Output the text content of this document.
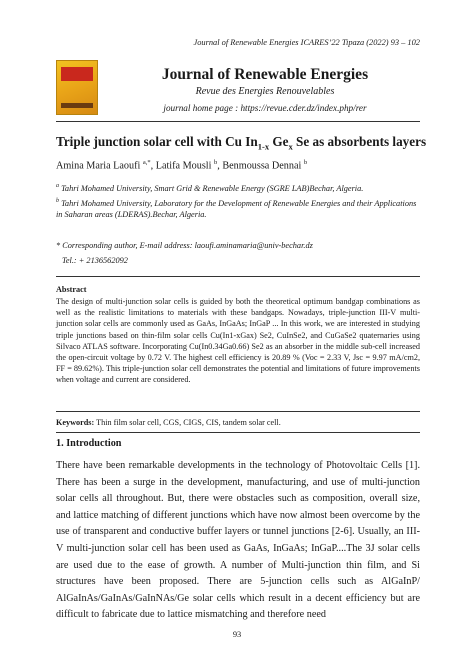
Journal of Renewable Energies ICARES’22 Tipaza (2022) 93 – 102
Journal of Renewable Energies
Revue des Energies Renouvelables
journal home page : https://revue.cder.dz/index.php/rer
Triple junction solar cell with Cu $In_{1-x}$ $Ge_x$ Se as absorbents layers
Amina Maria Laoufi $^{a,*}$, Latifa Mousli $^b$, Benmoussa Dennai $^b$
$^a$ Tahri Mohamed University, Smart Grid & Renewable Energy (SGRE LAB)Bechar, Algeria.
$^b$ Tahri Mohamed University, Laboratory for the Development of Renewable Energies and their Applications in Saharan areas (LDERAS).Bechar, Algeria.
* Corresponding author, E-mail address: laoufi.aminamaria@univ-bechar.dz
Tel.: + 2136562092
Abstract
The design of multi-junction solar cells is guided by both the theoretical optimum bandgap combinations as well as the realistic limitations to materials with these bandgaps. Nowadays, triple-junction III-V multi-junction solar cells are commonly used as GaAs, InGaAs; InGaP ... In this work, we are interested in studying triple junctions based on thin-film solar cells Cu(In1-xGax) Se2, CuInSe2, and CuGaSe2 quaternaries using Silvaco ATLAS software. Incorporating Cu(In0.34Ga0.66) Se2 as an absorber in the middle sub-cell increased the open-circuit voltage by 0.72 V. The highest cell efficiency is 20.89 % (Voc = 2.33 V, Jsc = 9.97 mA/cm2, FF = 89.62%). This triple-junction solar cell demonstrates the potential and limitations of future improvements when voltage and current are considered.
Keywords: Thin film solar cell, CGS, CIGS, CIS, tandem solar cell.
1. Introduction
There have been remarkable developments in the technology of Photovoltaic Cells [1]. There has been a surge in the development, manufacturing, and use of multi-junction solar cells all throughout. But, there were obstacles such as composition, overall size, and lattice matching of different junctions which have now almost been overcome by the use of transparent and conductive buffer layers or tunnel junctions [2-6]. Usually, an III-V multi-junction solar cell has been used as GaAs, InGaAs; InGaP....The 3J solar cells are used due to the ease of growth. A number of Multi-junction thin film, and Si structures have been proposed. There are 5-junction cells such as AlGaInP/ AlGaInAs/GaInAs/GaInNAs/Ge solar cells which result in a decent efficiency but are difficult to fabricate due to lattice mismatching and therefore need
93
